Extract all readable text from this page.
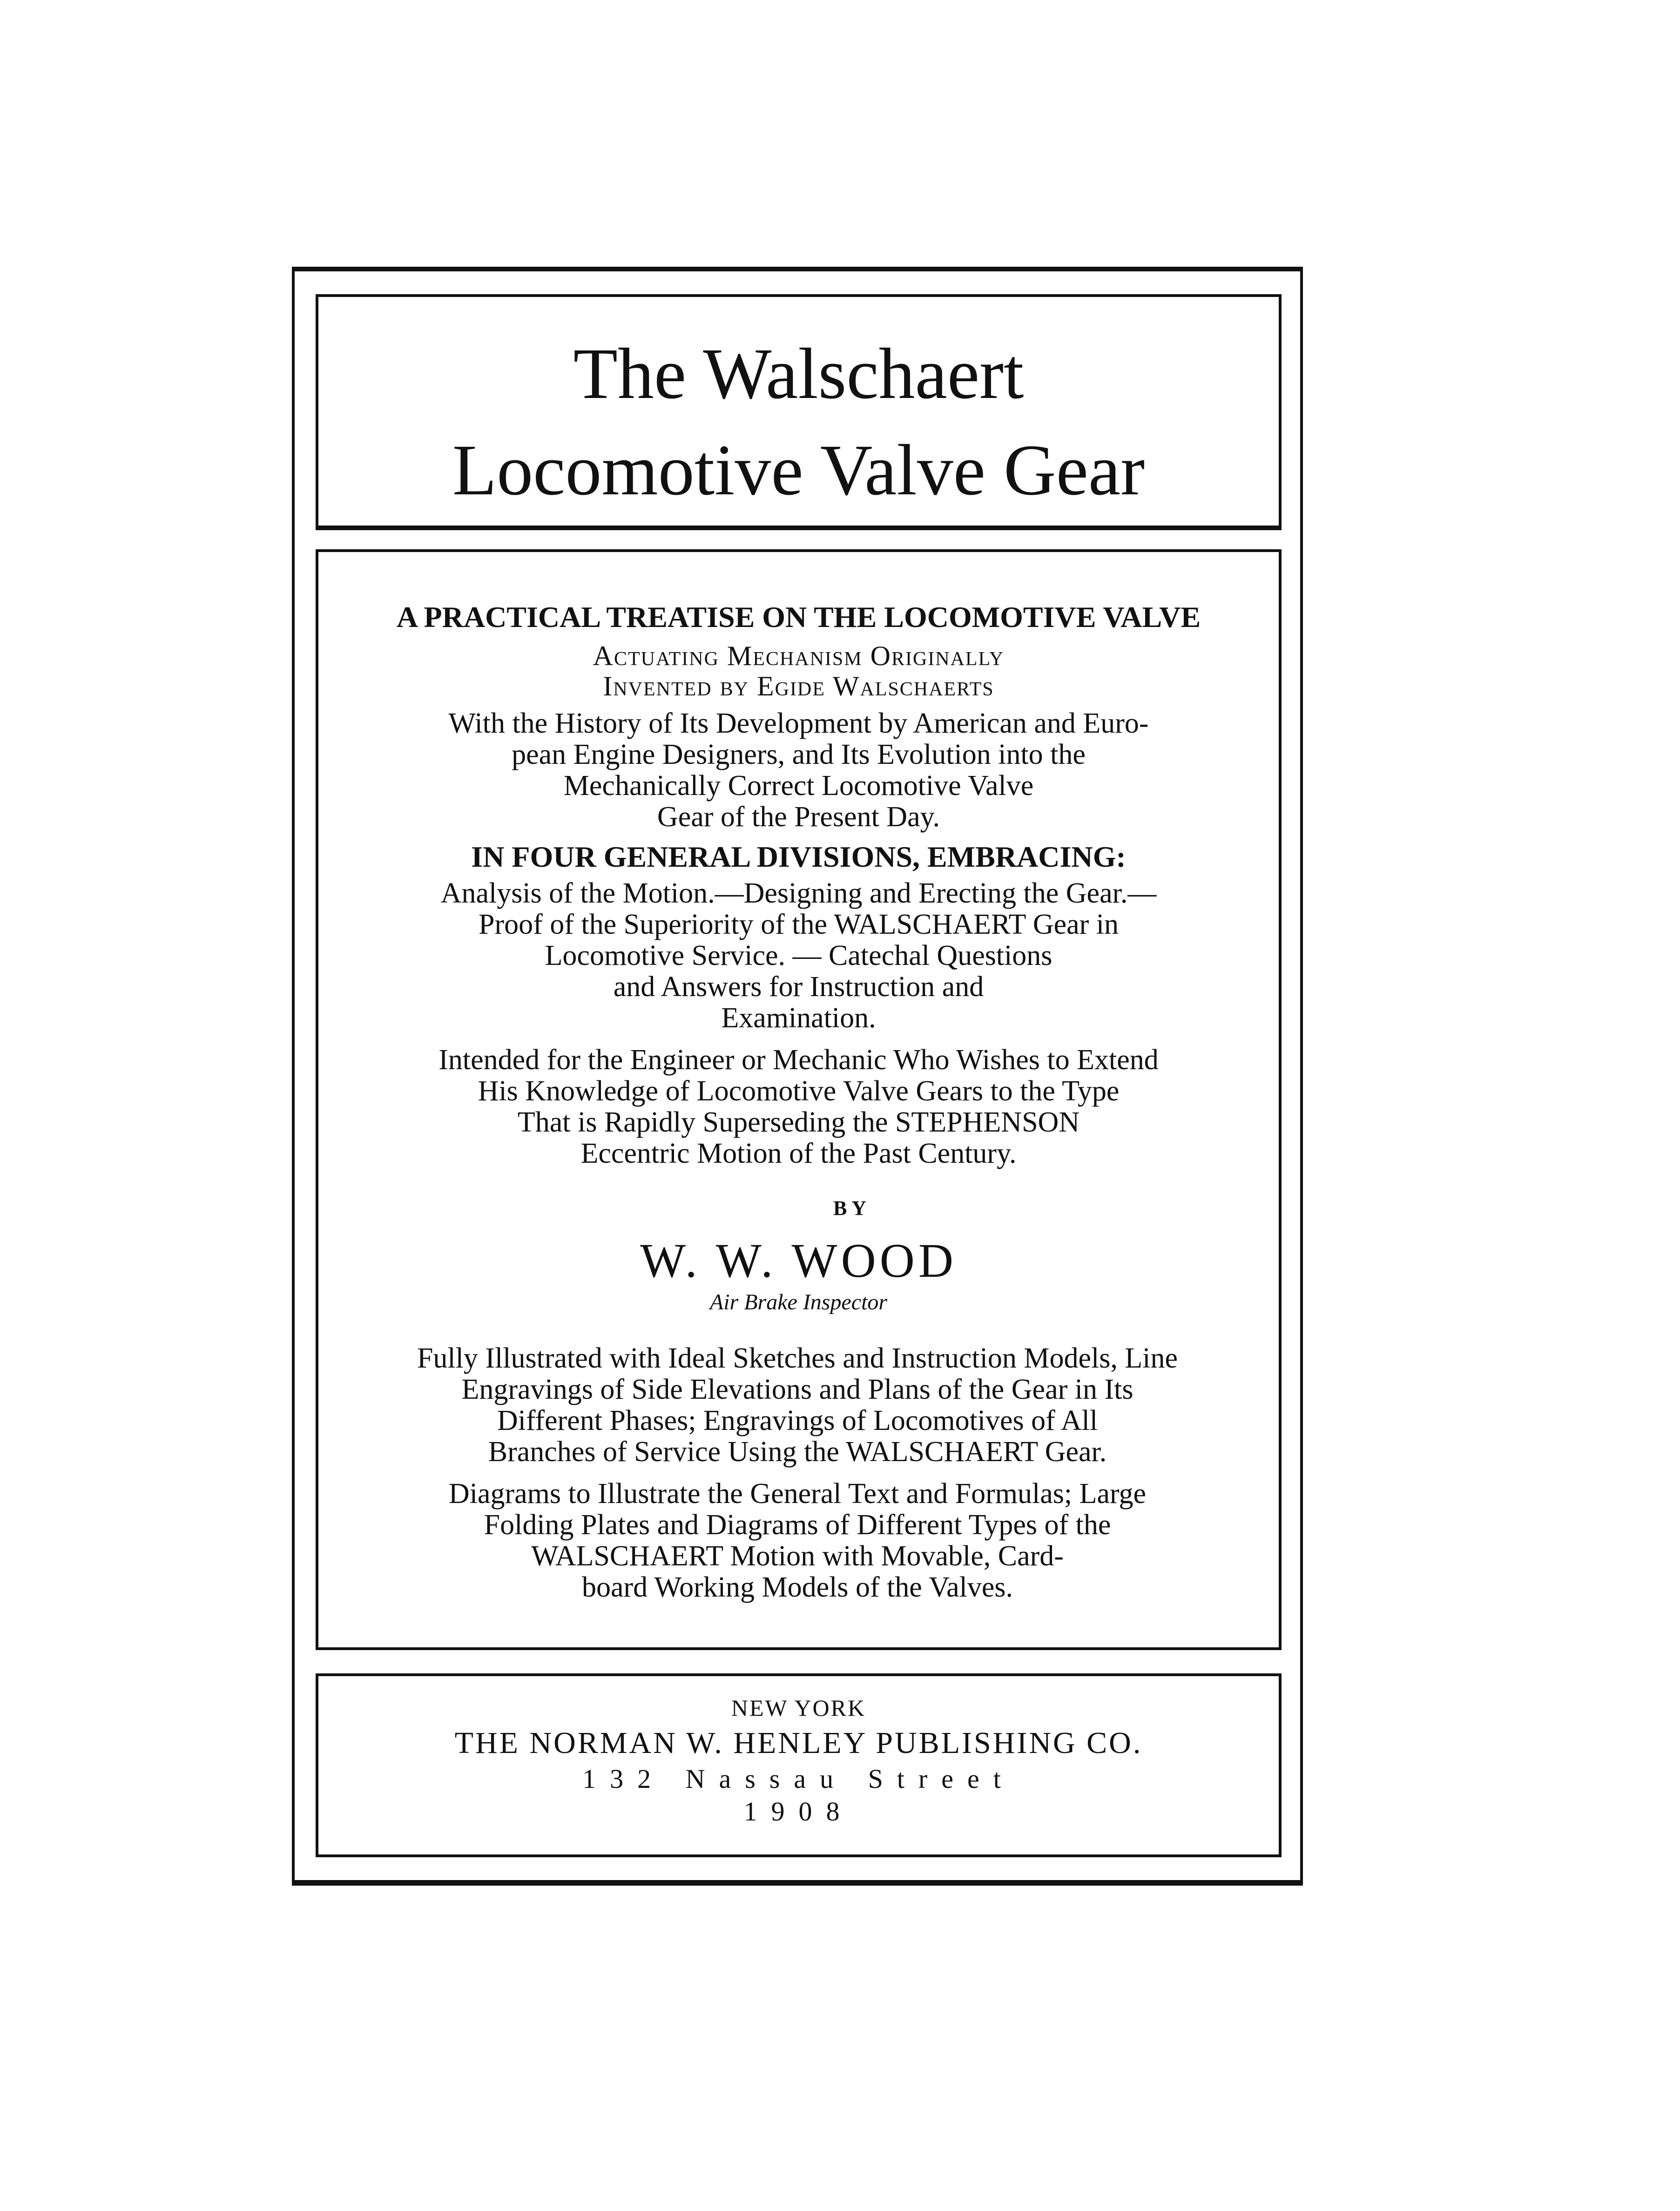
The Walschaert
Locomotive Valve Gear
A PRACTICAL TREATISE ON THE LOCOMOTIVE VALVE
Actuating Mechanism Originally
Invented by Egide Walschaerts
With the History of Its Development by American and Euro-
pean Engine Designers, and Its Evolution into the
Mechanically Correct Locomotive Valve
Gear of the Present Day.
IN FOUR GENERAL DIVISIONS, EMBRACING:
Analysis of the Motion.—Designing and Erecting the Gear.—
Proof of the Superiority of the WALSCHAERT Gear in
Locomotive Service. — Catechal Questions
and Answers for Instruction and
Examination.
Intended for the Engineer or Mechanic Who Wishes to Extend
His Knowledge of Locomotive Valve Gears to the Type
That is Rapidly Superseding the STEPHENSON
Eccentric Motion of the Past Century.
BY
W. W. WOOD
Air Brake Inspector
Fully Illustrated with Ideal Sketches and Instruction Models, Line
Engravings of Side Elevations and Plans of the Gear in Its
Different Phases; Engravings of Locomotives of All
Branches of Service Using the WALSCHAERT Gear.
Diagrams to Illustrate the General Text and Formulas; Large
Folding Plates and Diagrams of Different Types of the
WALSCHAERT Motion with Movable, Card-
board Working Models of the Valves.
NEW YORK
THE NORMAN W. HENLEY PUBLISHING CO.
132 Nassau Street
1908
